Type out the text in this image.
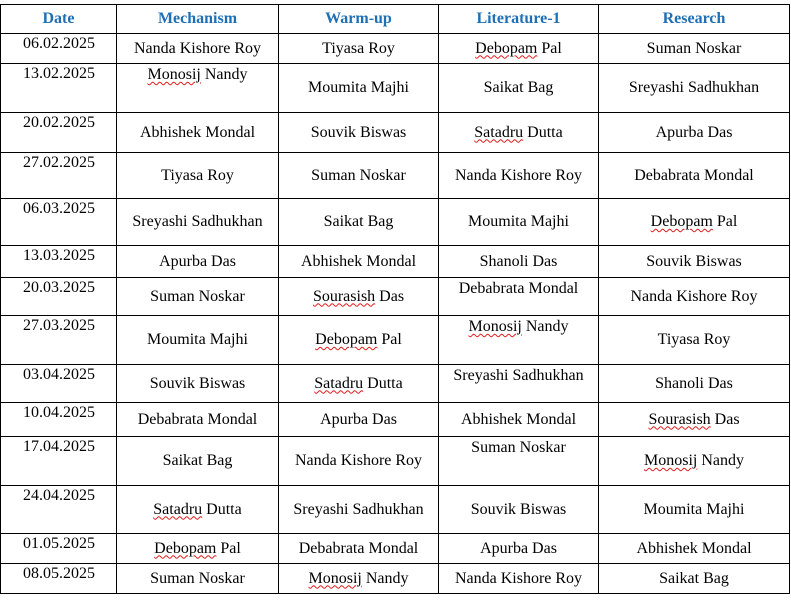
Date	Mechanism	Warm-up	Literature-1	Research
06.02.2025	Nanda Kishore Roy	Tiyasa Roy	Debopam Pal	Suman Noskar
13.02.2025	Monosij Nandy	Moumita Majhi	Saikat Bag	Sreyashi Sadhukhan
20.02.2025	Abhishek Mondal	Souvik Biswas	Satadru Dutta	Apurba Das
27.02.2025	Tiyasa Roy	Suman Noskar	Nanda Kishore Roy	Debabrata Mondal
06.03.2025	Sreyashi Sadhukhan	Saikat Bag	Moumita Majhi	Debopam Pal
13.03.2025	Apurba Das	Abhishek Mondal	Shanoli Das	Souvik Biswas
20.03.2025	Suman Noskar	Sourasish Das	Debabrata Mondal	Nanda Kishore Roy
27.03.2025	Moumita Majhi	Debopam Pal	Monosij Nandy	Tiyasa Roy
03.04.2025	Souvik Biswas	Satadru Dutta	Sreyashi Sadhukhan	Shanoli Das
10.04.2025	Debabrata Mondal	Apurba Das	Abhishek Mondal	Sourasish Das
17.04.2025	Saikat Bag	Nanda Kishore Roy	Suman Noskar	Monosij Nandy
24.04.2025	Satadru Dutta	Sreyashi Sadhukhan	Souvik Biswas	Moumita Majhi
01.05.2025	Debopam Pal	Debabrata Mondal	Apurba Das	Abhishek Mondal
08.05.2025	Suman Noskar	Monosij Nandy	Nanda Kishore Roy	Saikat Bag
